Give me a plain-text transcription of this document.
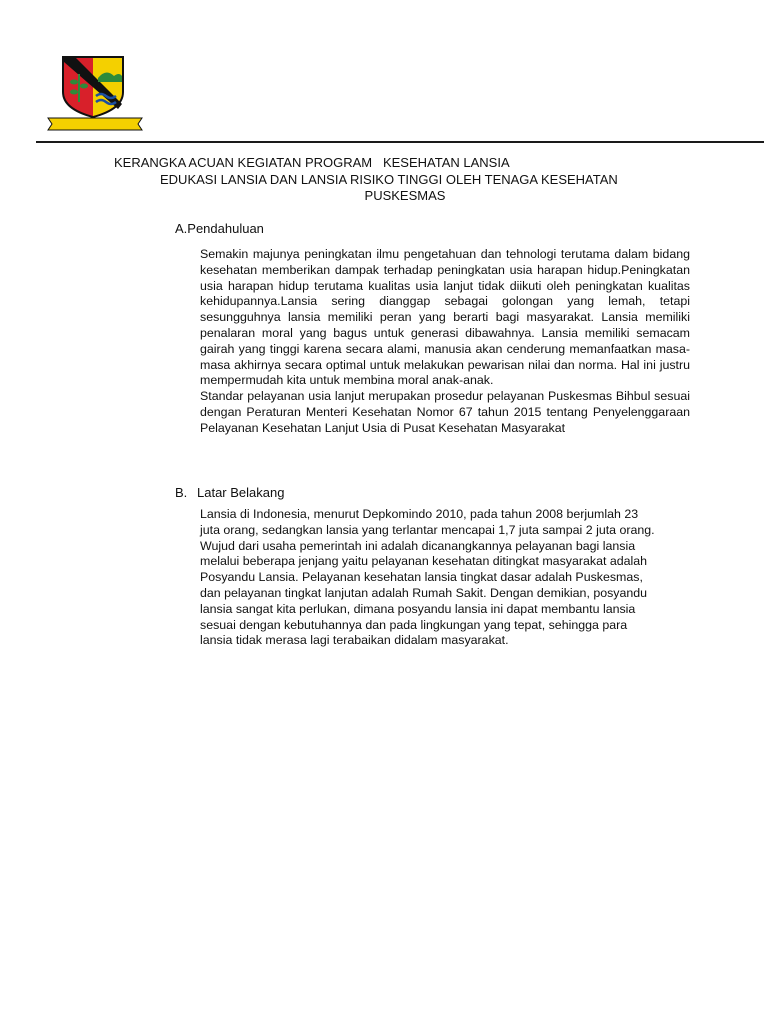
KERANGKA ACUAN KEGIATAN PROGRAM   KESEHATAN LANSIA
EDUKASI LANSIA DAN LANSIA RISIKO TINGGI OLEH TENAGA KESEHATAN
PUSKESMAS
A.Pendahuluan

Semakin majunya peningkatan ilmu pengetahuan dan tehnologi terutama dalam bidang kesehatan memberikan dampak terhadap peningkatan usia harapan hidup.Peningkatan usia harapan hidup terutama kualitas usia lanjut tidak diikuti oleh peningkatan kualitas kehidupannya.Lansia sering dianggap sebagai golongan yang lemah, tetapi sesungguhnya lansia memiliki peran yang berarti bagi masyarakat. Lansia memiliki penalaran moral yang bagus untuk generasi dibawahnya. Lansia memiliki semacam gairah yang tinggi karena secara alami, manusia akan cenderung memanfaatkan masa-masa akhirnya secara optimal untuk melakukan pewarisan nilai dan norma. Hal ini justru mempermudah kita untuk membina moral anak-anak.

Standar pelayanan usia lanjut merupakan prosedur pelayanan Puskesmas Bihbul sesuai dengan Peraturan Menteri Kesehatan Nomor 67 tahun 2015 tentang Penyelenggaraan Pelayanan Kesehatan Lanjut Usia di Pusat Kesehatan Masyarakat

B. Latar Belakang

Lansia di Indonesia, menurut Depkomindo 2010, pada tahun 2008 berjumlah 23 juta orang, sedangkan lansia yang terlantar mencapai 1,7 juta sampai 2 juta orang. Wujud dari usaha pemerintah ini adalah dicanangkannya pelayanan bagi lansia melalui beberapa jenjang yaitu pelayanan kesehatan ditingkat masyarakat adalah Posyandu Lansia. Pelayanan kesehatan lansia tingkat dasar adalah Puskesmas, dan pelayanan tingkat lanjutan adalah Rumah Sakit. Dengan demikian, posyandu lansia sangat kita perlukan, dimana posyandu lansia ini dapat membantu lansia sesuai dengan kebutuhannya dan pada lingkungan yang tepat, sehingga para lansia tidak merasa lagi terabaikan didalam masyarakat.
